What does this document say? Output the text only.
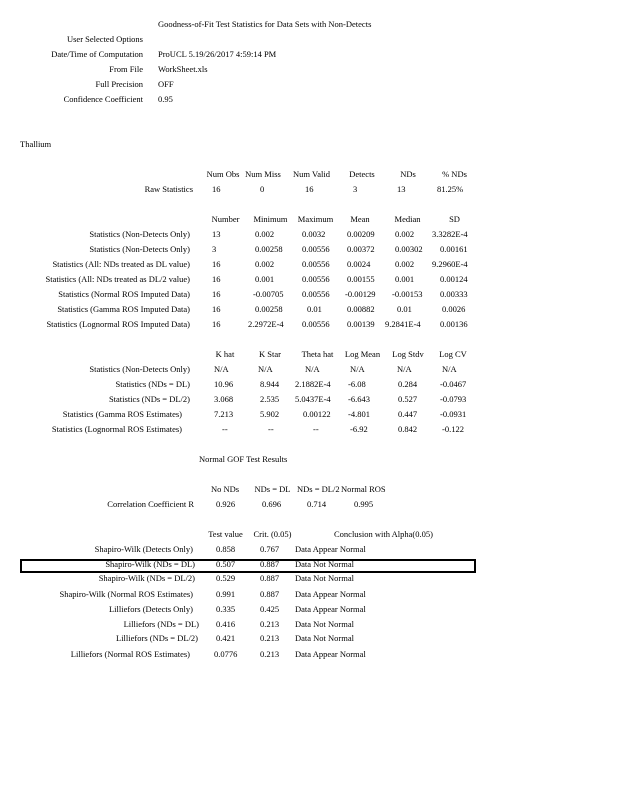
Goodness-of-Fit Test Statistics for Data Sets with Non-Detects
User Selected Options
Date/Time of Computation ProUCL 5.19/26/2017 4:59:14 PM
From File WorkSheet.xls
Full Precision OFF
Confidence Coefficient 0.95
Thallium
Num Obs Num Miss	Num Valid	Detects	NDs	% NDs
Raw Statistics 16	0	16	3	13	81.25%
Number	Minimum	Maximum	Mean	Median	SD
Statistics (Non-Detects Only)	13	0.002	0.0032	0.00209 0.002 3.3282E-4
Statistics (Non-Detects Only)	3	0.00258 0.00556 0.00372 0.00302 0.00161
Statistics (All: NDs treated as DL value)	16	0.002	0.00556 0.0024	0.002 9.2960E-4
Statistics (All: NDs treated as DL/2 value)	16	0.001	0.00556 0.00155 0.001	0.00124
Statistics (Normal ROS Imputed Data)	16	-0.00705 0.00556 -0.00129 -0.00153 0.00333
Statistics (Gamma ROS Imputed Data)	16	0.00258	0.01	0.00882	0.01	0.0026
Statistics (Lognormal ROS Imputed Data)	16	2.2972E-4 0.00556 0.00139 9.2841E-4 0.00136
K hat	K Star	Theta hat	Log Mean	Log Stdv	Log CV
Statistics (Non-Detects Only)	N/A	N/A	N/A	N/A	N/A	N/A
Statistics (NDs = DL)	10.96	8.944 2.1882E-4 -6.08	0.284	-0.0467
Statistics (NDs = DL/2)	3.068	2.535 5.0437E-4 -6.643	0.527	-0.0793
Statistics (Gamma ROS Estimates)	7.213	5.902	0.00122 -4.801	0.447	-0.0931
Statistics (Lognormal ROS Estimates)	--	--	--	-6.92	0.842	-0.122
Normal GOF Test Results
No NDs	NDs = DL NDs = DL/2 Normal ROS
Correlation Coefficient R	0.926	0.696	0.714	0.995
Test value	Crit. (0.05)	Conclusion with Alpha(0.05)
Shapiro-Wilk (Detects Only)	0.858	0.767 Data Appear Normal
Shapiro-Wilk (NDs = DL) 0.507	0.887 Data Not Normal
Shapiro-Wilk (NDs = DL/2) 0.529	0.887 Data Not Normal
Shapiro-Wilk (Normal ROS Estimates)	0.991	0.887 Data Appear Normal
Lilliefors (Detects Only)	0.335	0.425 Data Appear Normal
Lilliefors (NDs = DL) 0.416	0.213 Data Not Normal
Lilliefors (NDs = DL/2) 0.421	0.213 Data Not Normal
Lilliefors (Normal ROS Estimates)	0.0776	0.213 Data Appear Normal
